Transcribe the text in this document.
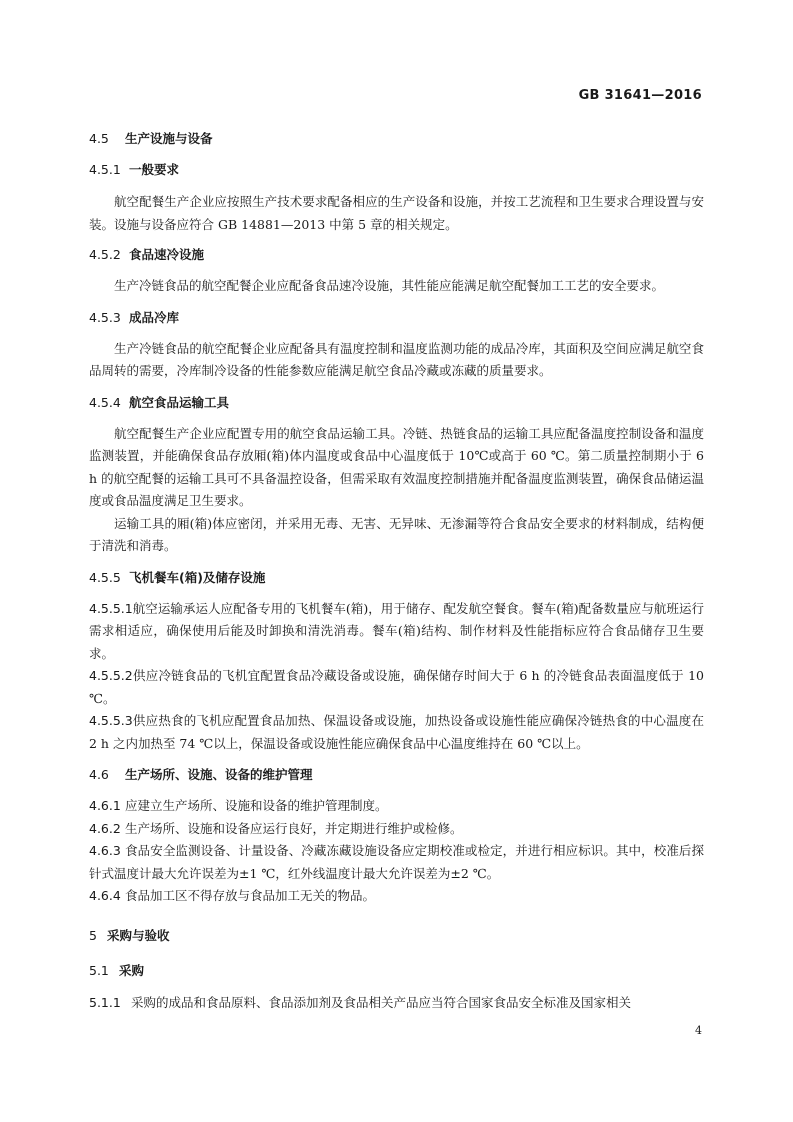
GB 31641—2016
4.5 生产设施与设备
4.5.1 一般要求
航空配餐生产企业应按照生产技术要求配备相应的生产设备和设施，并按工艺流程和卫生要求合理设置与安装。设施与设备应符合 GB 14881—2013 中第 5 章的相关规定。
4.5.2 食品速冷设施
生产冷链食品的航空配餐企业应配备食品速冷设施，其性能应能满足航空配餐加工工艺的安全要求。
4.5.3 成品冷库
生产冷链食品的航空配餐企业应配备具有温度控制和温度监测功能的成品冷库，其面积及空间应满足航空食品周转的需要，冷库制冷设备的性能参数应能满足航空食品冷藏或冻藏的质量要求。
4.5.4 航空食品运输工具
航空配餐生产企业应配置专用的航空食品运输工具。冷链、热链食品的运输工具应配备温度控制设备和温度监测装置，并能确保食品存放厢(箱)体内温度或食品中心温度低于 10℃或高于 60 ℃。第二质量控制期小于 6 h 的航空配餐的运输工具可不具备温控设备，但需采取有效温度控制措施并配备温度监测装置，确保食品储运温度或食品温度满足卫生要求。
运输工具的厢(箱)体应密闭，并采用无毒、无害、无异味、无渗漏等符合食品安全要求的材料制成，结构便于清洗和消毒。
4.5.5 飞机餐车(箱)及储存设施
4.5.5.1航空运输承运人应配备专用的飞机餐车(箱)，用于储存、配发航空餐食。餐车(箱)配备数量应与航班运行需求相适应，确保使用后能及时卸换和清洗消毒。餐车(箱)结构、制作材料及性能指标应符合食品储存卫生要求。
4.5.5.2供应冷链食品的飞机宜配置食品冷藏设备或设施，确保储存时间大于 6 h 的冷链食品表面温度低于 10 ℃。
4.5.5.3供应热食的飞机应配置食品加热、保温设备或设施，加热设备或设施性能应确保冷链热食的中心温度在 2 h 之内加热至 74 ℃以上，保温设备或设施性能应确保食品中心温度维持在 60 ℃以上。
4.6 生产场所、设施、设备的维护管理
4.6.1 应建立生产场所、设施和设备的维护管理制度。
4.6.2 生产场所、设施和设备应运行良好，并定期进行维护或检修。
4.6.3 食品安全监测设备、计量设备、冷藏冻藏设施设备应定期校准或检定，并进行相应标识。其中，校准后探针式温度计最大允许误差为±1 ℃，红外线温度计最大允许误差为±2 ℃。
4.6.4 食品加工区不得存放与食品加工无关的物品。
5 采购与验收
5.1 采购
5.1.1 采购的成品和食品原料、食品添加剂及食品相关产品应当符合国家食品安全标准及国家相关
4
